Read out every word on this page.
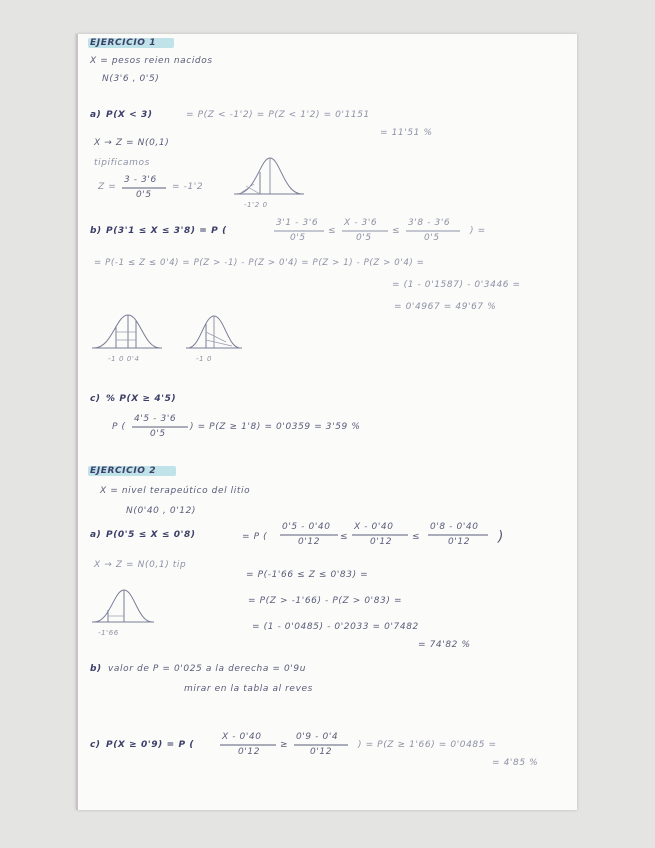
EJERCICIO 1
X = pesos reien nacidos
N(3'6 , 0'5)
a) P(X < 3)	= P(Z < -1'2) = P(Z < 1'2) = 0'1151
= 11'51 %
X → Z = N(0,1)
tipificamos
Z =
3 - 3'6
0'5
= -1'2
-1'2 0
b) P(3'1 ≤ X ≤ 3'8) = P (
3'1 - 3'6
0'5
≤
X - 3'6
0'5
≤
3'8 - 3'6
0'5
) =
= P(-1 ≤ Z ≤ 0'4) = P(Z > -1) - P(Z > 0'4) = P(Z > 1) - P(Z > 0'4) =
= (1 - 0'1587) - 0'3446 =
= 0'4967 = 49'67 %
-1 0 0'4	-1 0
c) % P(X ≥ 4'5)
P (
4'5 - 3'6
0'5
) = P(Z ≥ 1'8) = 0'0359 = 3'59 %
EJERCICIO 2
X = nivel terapeútico del litio
N(0'40 , 0'12)
a) P(0'5 ≤ X ≤ 0'8)	= P (
0'5 - 0'40
0'12 ≤
X - 0'40
0'12 ≤
0'8 - 0'40
0'12 )
X → Z = N(0,1) tip
= P(-1'66 ≤ Z ≤ 0'83) =
= P(Z > -1'66) - P(Z > 0'83) =
= (1 - 0'0485) - 0'2033 = 0'7482
= 74'82 %
-1'66
b) valor de P = 0'025 a la derecha = 0'9u
mirar en la tabla al reves
c) P(X ≥ 0'9) = P (
X - 0'40
0'12
≥
0'9 - 0'4
0'12
) = P(Z ≥ 1'66) = 0'0485 =
= 4'85 %
